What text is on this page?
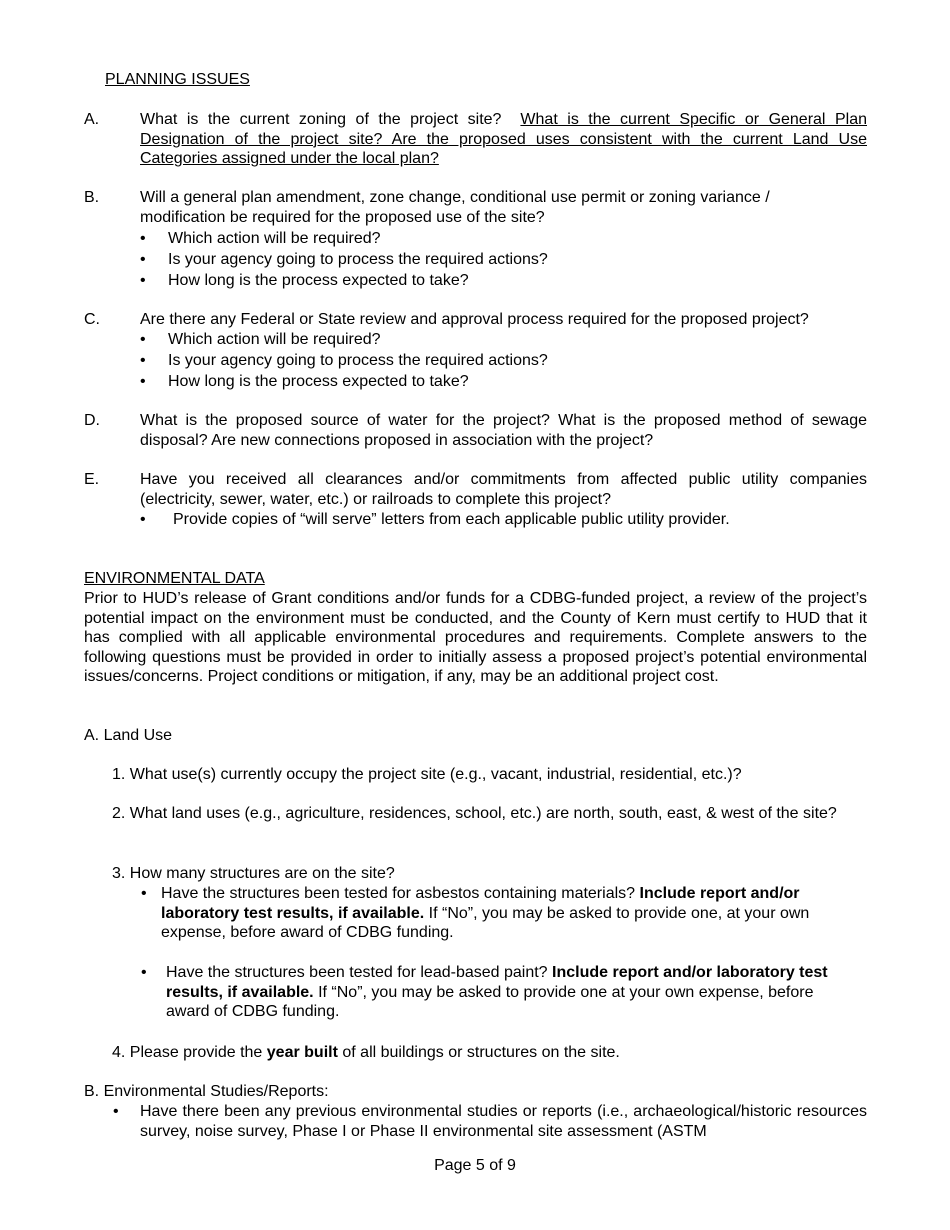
PLANNING ISSUES
A.	What is the current zoning of the project site? What is the current Specific or General Plan Designation of the project site? Are the proposed uses consistent with the current Land Use Categories assigned under the local plan?
B.	Will a general plan amendment, zone change, conditional use permit or zoning variance / modification be required for the proposed use of the site?
• Which action will be required?
• Is your agency going to process the required actions?
• How long is the process expected to take?
C.	Are there any Federal or State review and approval process required for the proposed project?
• Which action will be required?
• Is your agency going to process the required actions?
• How long is the process expected to take?
D.	What is the proposed source of water for the project? What is the proposed method of sewage disposal? Are new connections proposed in association with the project?
E.	Have you received all clearances and/or commitments from affected public utility companies (electricity, sewer, water, etc.) or railroads to complete this project?
• Provide copies of “will serve” letters from each applicable public utility provider.
ENVIRONMENTAL DATA
Prior to HUD’s release of Grant conditions and/or funds for a CDBG-funded project, a review of the project’s potential impact on the environment must be conducted, and the County of Kern must certify to HUD that it has complied with all applicable environmental procedures and requirements. Complete answers to the following questions must be provided in order to initially assess a proposed project’s potential environmental issues/concerns. Project conditions or mitigation, if any, may be an additional project cost.
A. Land Use
1. What use(s) currently occupy the project site (e.g., vacant, industrial, residential, etc.)?
2. What land uses (e.g., agriculture, residences, school, etc.) are north, south, east, & west of the site?
3. How many structures are on the site?
• Have the structures been tested for asbestos containing materials? Include report and/or laboratory test results, if available. If “No”, you may be asked to provide one, at your own expense, before award of CDBG funding.
• Have the structures been tested for lead-based paint? Include report and/or laboratory test results, if available. If “No”, you may be asked to provide one at your own expense, before award of CDBG funding.
4. Please provide the year built of all buildings or structures on the site.
B. Environmental Studies/Reports:
• Have there been any previous environmental studies or reports (i.e., archaeological/historic resources survey, noise survey, Phase I or Phase II environmental site assessment (ASTM
Page 5 of 9
